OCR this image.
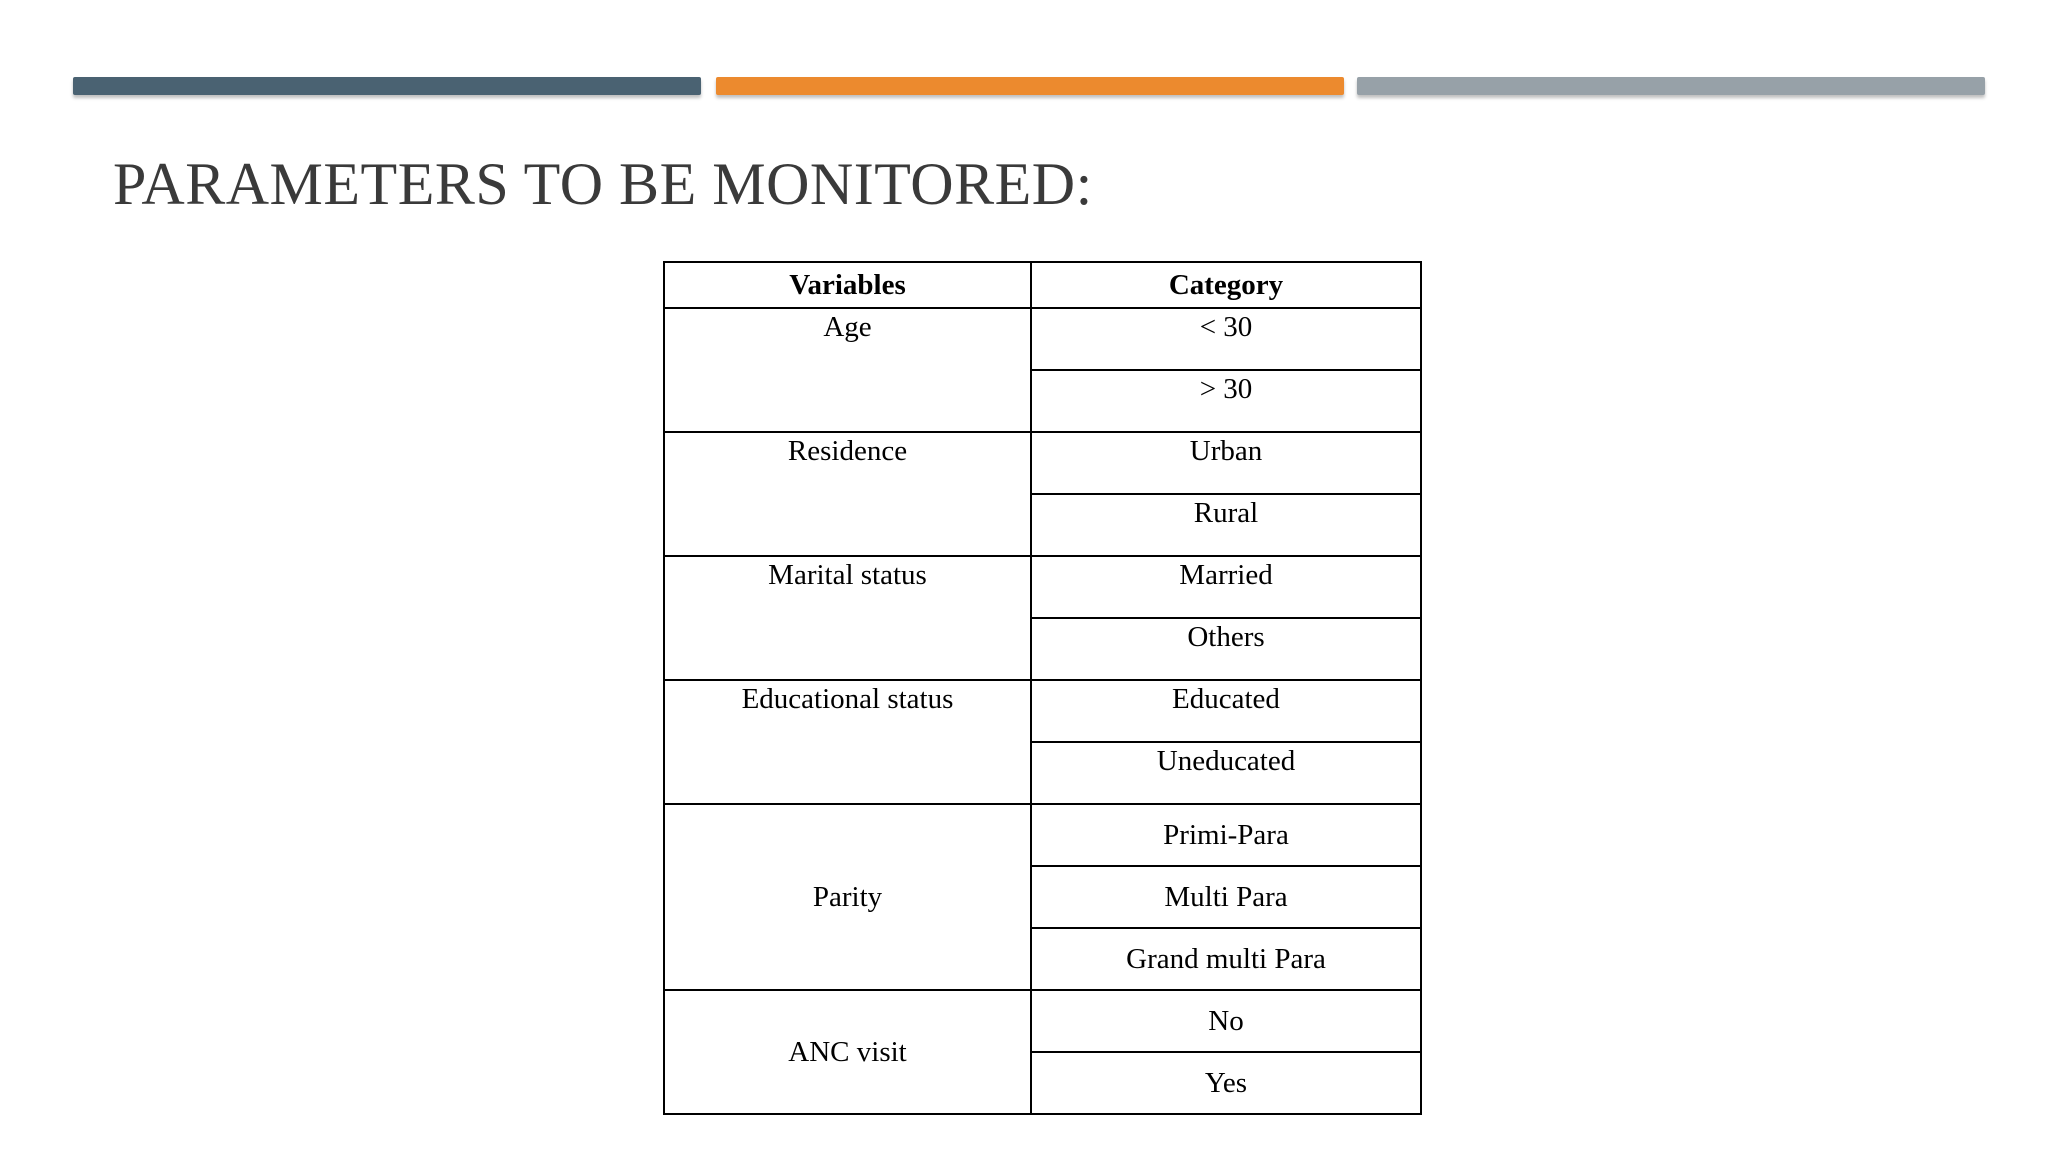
PARAMETERS TO BE MONITORED:
Variables	Category
Age	< 30
	> 30
Residence	Urban
	Rural
Marital status	Married
	Others
Educational status	Educated
	Uneducated
Parity	Primi-Para
	Multi Para
	Grand multi Para
ANC visit	No
	Yes
